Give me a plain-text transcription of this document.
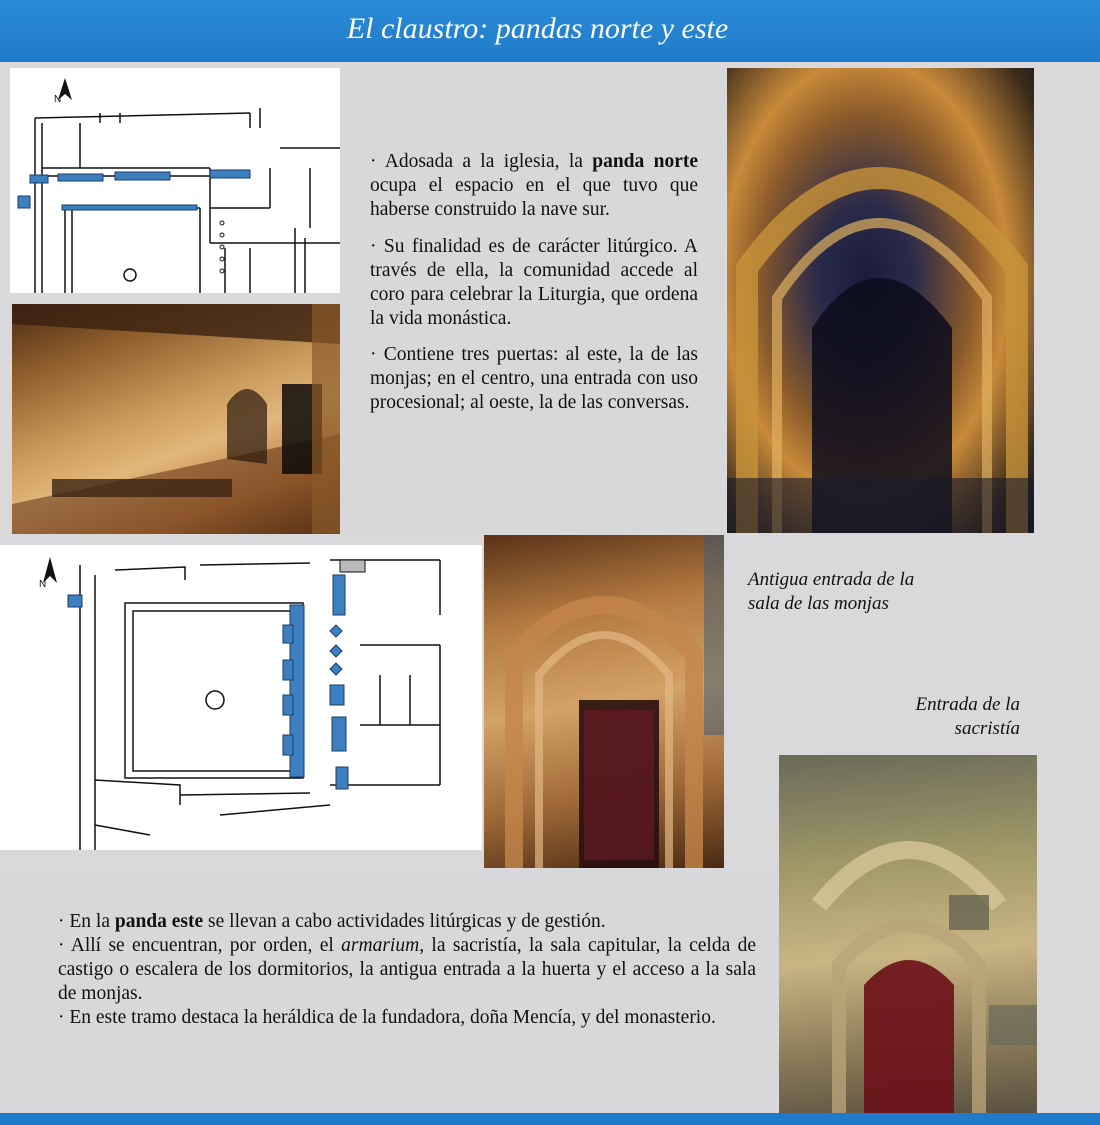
El claustro: pandas norte y este
N
· Adosada a la iglesia, la panda norte ocupa el espacio en el que tuvo que haberse construido la nave sur.
· Su finalidad es de carácter litúrgico. A través de ella, la comunidad accede al coro para celebrar la Liturgia, que ordena la vida monástica.
· Contiene tres puertas: al este, la de las monjas; en el centro, una entrada con uso procesional; al oeste, la de las conversas.
N	Antigua entrada de la sala de las monjas
Entrada de la sacristía
· En la panda este se llevan a cabo actividades litúrgicas y de gestión.
· Allí se encuentran, por orden, el armarium, la sacristía, la sala capitular, la celda de castigo o escalera de los dormitorios, la antigua entrada a la huerta y el acceso a la sala de monjas.
· En este tramo destaca la heráldica de la fundadora, doña Mencía, y del monasterio.
